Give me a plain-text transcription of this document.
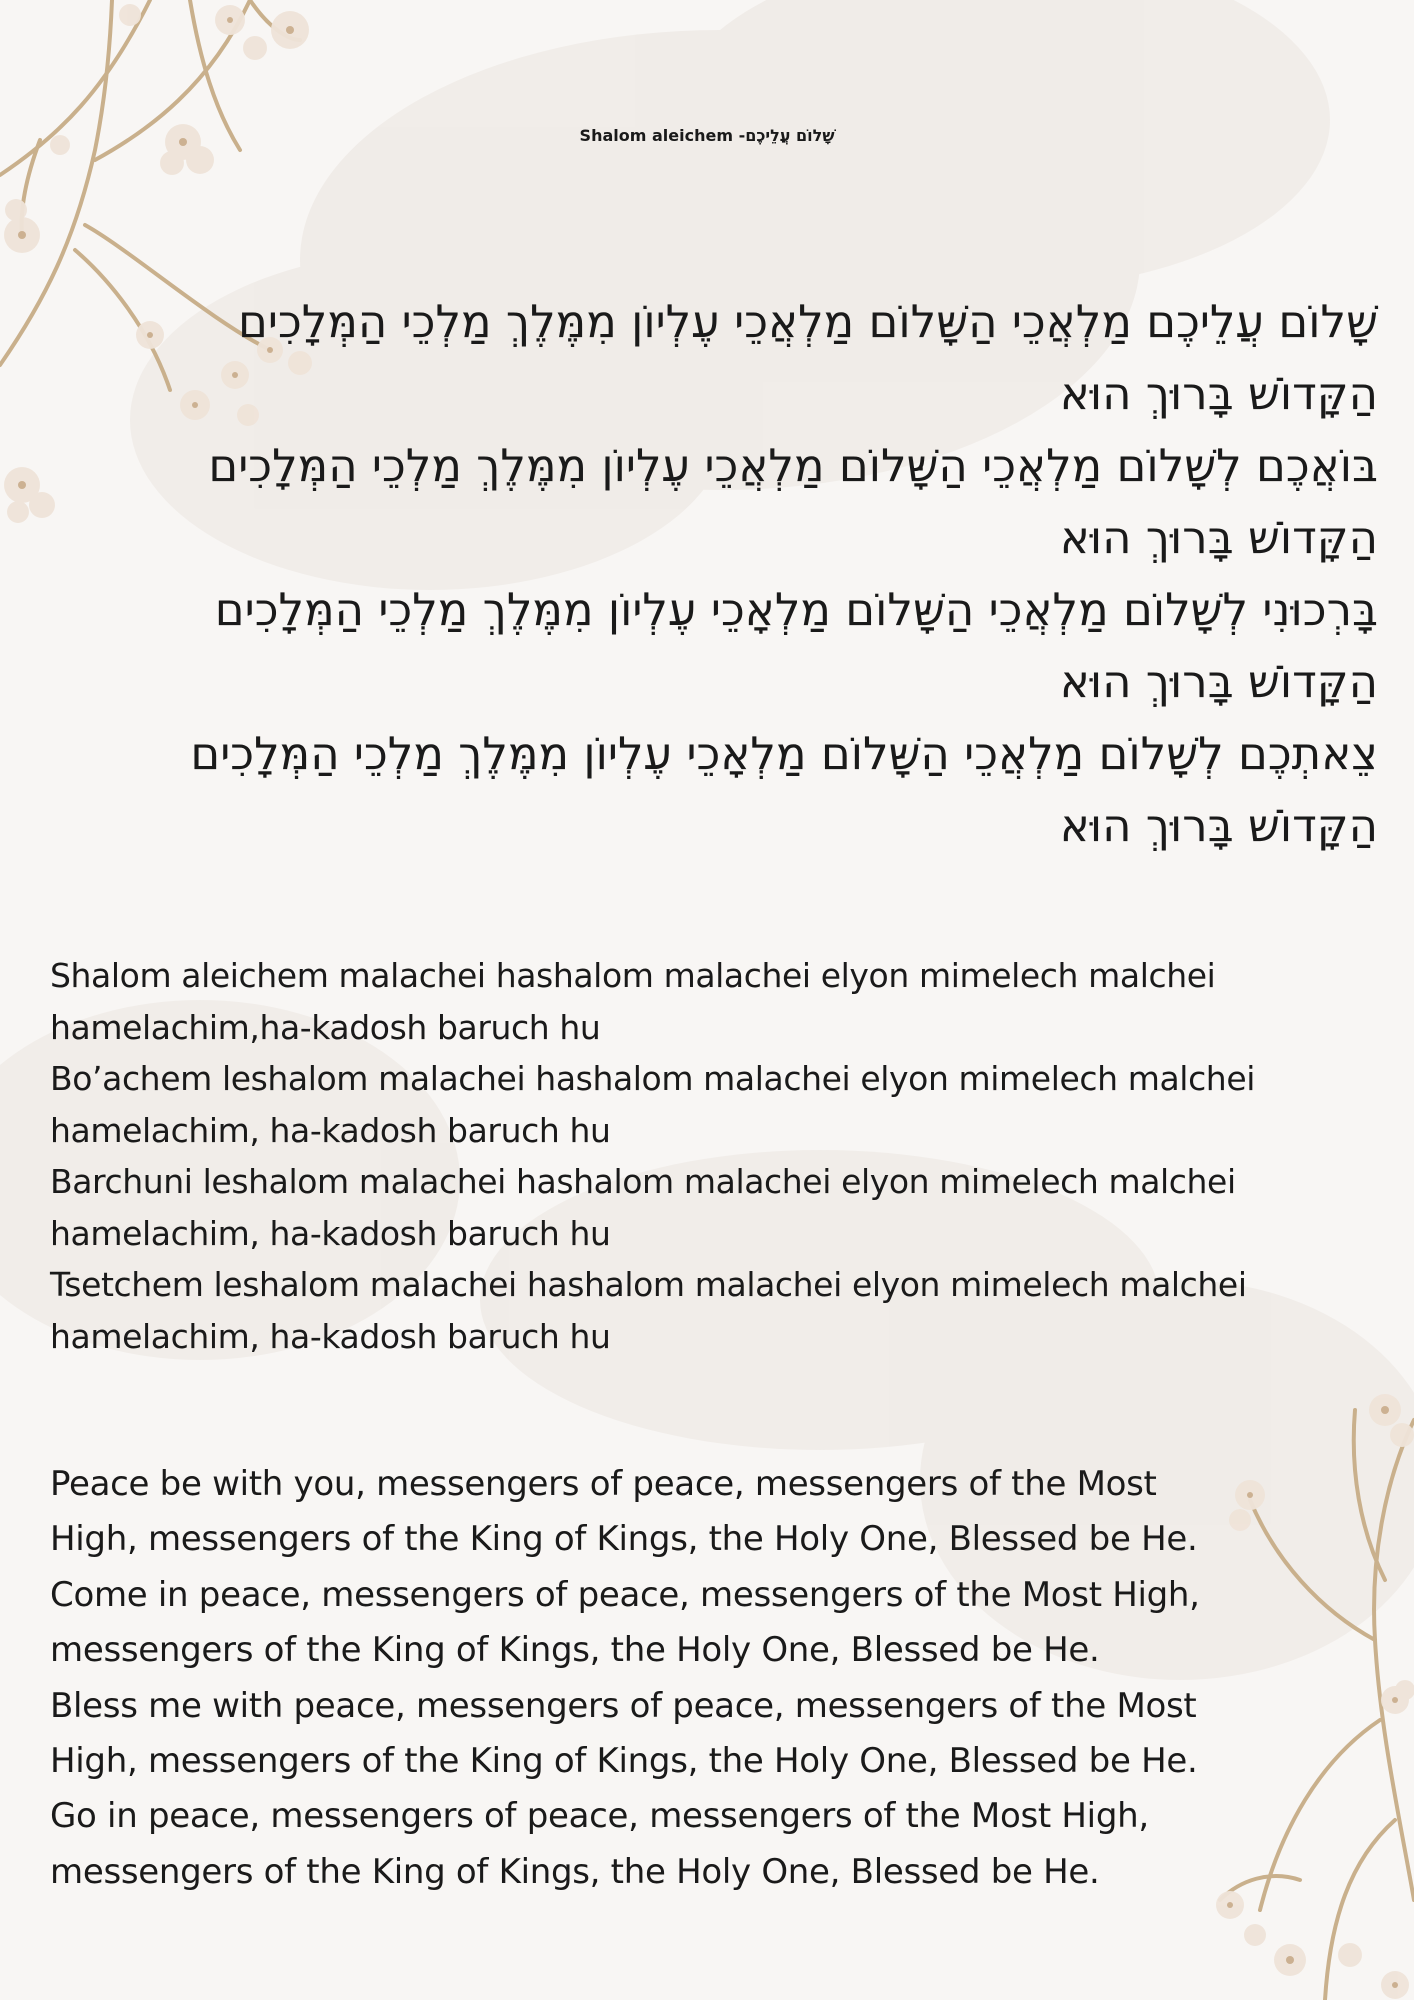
Shalom aleichem -שָׁלוֹם עֲלֵיכֶם
שָׁלוֹם עֲלֵיכֶם מַלְאֲכֵי הַשָּׁלוֹם מַלְאֲכֵי עֶלְיוֹן מִמֶּלֶךְ מַלְכֵי הַמְּלָכִים
הַקָּדוֹשׁ בָּרוּךְ הוּא
בּוֹאֲכֶם לְשָׁלוֹם מַלְאֲכֵי הַשָּׁלוֹם מַלְאֲכֵי עֶלְיוֹן מִמֶּלֶךְ מַלְכֵי הַמְּלָכִים
הַקָּדוֹשׁ בָּרוּךְ הוּא
בָּרְכוּנִי לְשָׁלוֹם מַלְאֲכֵי הַשָּׁלוֹם מַלְאָכֵי עֶלְיוֹן מִמֶּלֶךְ מַלְכֵי הַמְּלָכִים
הַקָּדוֹשׁ בָּרוּךְ הוּא
צֵאתְכֶם לְשָׁלוֹם מַלְאֲכֵי הַשָּׁלוֹם מַלְאָכֵי עֶלְיוֹן מִמֶּלֶךְ מַלְכֵי הַמְּלָכִים
הַקָּדוֹשׁ בָּרוּךְ הוּא
Shalom aleichem malachei hashalom malachei elyon mimelech malchei
hamelachim,ha-kadosh baruch hu
Bo’achem leshalom malachei hashalom malachei elyon mimelech malchei
hamelachim, ha-kadosh baruch hu
Barchuni leshalom malachei hashalom malachei elyon mimelech malchei
hamelachim, ha-kadosh baruch hu
Tsetchem leshalom malachei hashalom malachei elyon mimelech malchei
hamelachim, ha-kadosh baruch hu
Peace be with you, messengers of peace, messengers of the Most
High, messengers of the King of Kings, the Holy One, Blessed be He.
Come in peace, messengers of peace, messengers of the Most High,
messengers of the King of Kings, the Holy One, Blessed be He.
Bless me with peace, messengers of peace, messengers of the Most
High, messengers of the King of Kings, the Holy One, Blessed be He.
Go in peace, messengers of peace, messengers of the Most High,
messengers of the King of Kings, the Holy One, Blessed be He.
